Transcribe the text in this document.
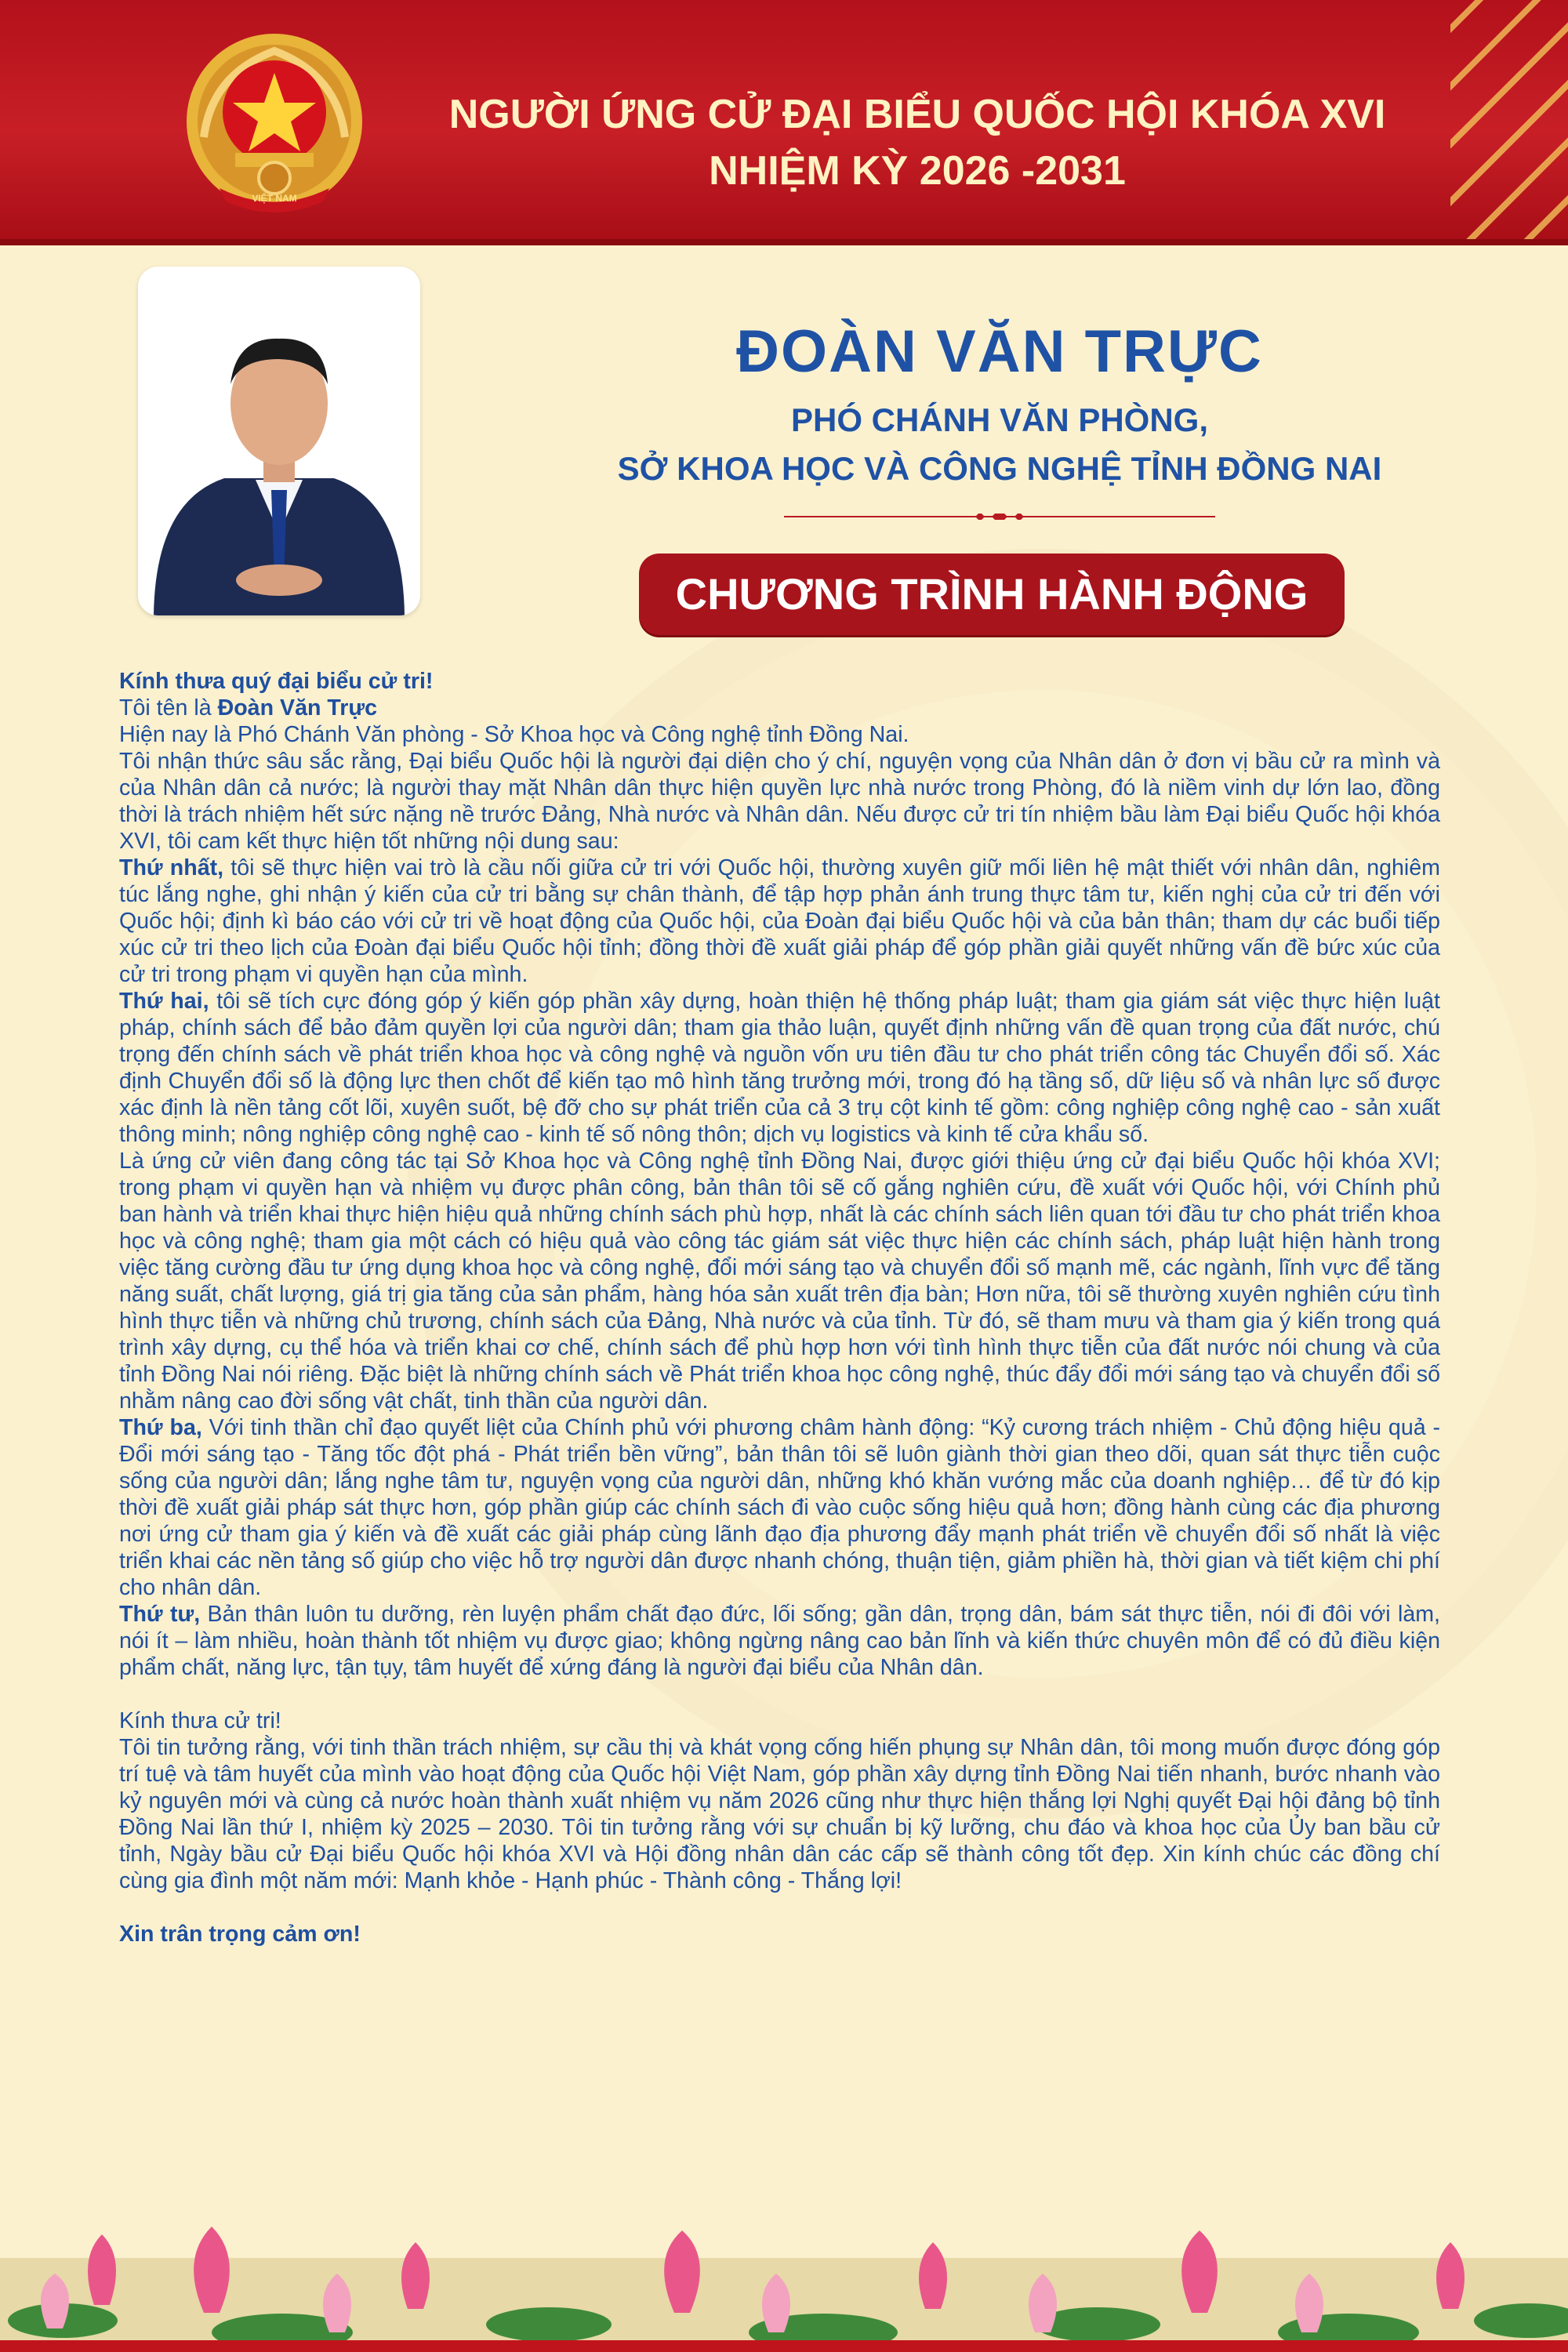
VIỆT NAM
NGƯỜI ỨNG CỬ ĐẠI BIỂU QUỐC HỘI KHÓA XVI
NHIỆM KỲ 2026 -2031
ĐOÀN VĂN TRỰC
PHÓ CHÁNH VĂN PHÒNG,
SỞ KHOA HỌC VÀ CÔNG NGHỆ TỈNH ĐỒNG NAI
CHƯƠNG TRÌNH HÀNH ĐỘNG

Kính thưa quý đại biểu cử tri!

Tôi tên là Đoàn Văn Trực

Hiện nay là Phó Chánh Văn phòng - Sở Khoa học và Công nghệ tỉnh Đồng Nai.

Tôi nhận thức sâu sắc rằng, Đại biểu Quốc hội là người đại diện cho ý chí, nguyện vọng của Nhân dân ở đơn vị bầu cử ra mình và của Nhân dân cả nước; là người thay mặt Nhân dân thực hiện quyền lực nhà nước trong Phòng, đó là niềm vinh dự lớn lao, đồng thời là trách nhiệm hết sức nặng nề trước Đảng, Nhà nước và Nhân dân. Nếu được cử tri tín nhiệm bầu làm Đại biểu Quốc hội khóa XVI, tôi cam kết thực hiện tốt những nội dung sau:

Thứ nhất, tôi sẽ thực hiện vai trò là cầu nối giữa cử tri với Quốc hội, thường xuyên giữ mối liên hệ mật thiết với nhân dân, nghiêm túc lắng nghe, ghi nhận ý kiến của cử tri bằng sự chân thành, để tập hợp phản ánh trung thực tâm tư, kiến nghị của cử tri đến với Quốc hội; định kì báo cáo với cử tri về hoạt động của Quốc hội, của Đoàn đại biểu Quốc hội và của bản thân; tham dự các buổi tiếp xúc cử tri theo lịch của Đoàn đại biểu Quốc hội tỉnh; đồng thời đề xuất giải pháp để góp phần giải quyết những vấn đề bức xúc của cử tri trong phạm vi quyền hạn của mình.

Thứ hai, tôi sẽ tích cực đóng góp ý kiến góp phần xây dựng, hoàn thiện hệ thống pháp luật; tham gia giám sát việc thực hiện luật pháp, chính sách để bảo đảm quyền lợi của người dân; tham gia thảo luận, quyết định những vấn đề quan trọng của đất nước, chú trọng đến chính sách về phát triển khoa học và công nghệ và nguồn vốn ưu tiên đầu tư cho phát triển công tác Chuyển đổi số. Xác định Chuyển đổi số là động lực then chốt để kiến tạo mô hình tăng trưởng mới, trong đó hạ tầng số, dữ liệu số và nhân lực số được xác định là nền tảng cốt lõi, xuyên suốt, bệ đỡ cho sự phát triển của cả 3 trụ cột kinh tế gồm: công nghiệp công nghệ cao - sản xuất thông minh; nông nghiệp công nghệ cao - kinh tế số nông thôn; dịch vụ logistics và kinh tế cửa khẩu số.

Là ứng cử viên đang công tác tại Sở Khoa học và Công nghệ tỉnh Đồng Nai, được giới thiệu ứng cử đại biểu Quốc hội khóa XVI; trong phạm vi quyền hạn và nhiệm vụ được phân công, bản thân tôi sẽ cố gắng nghiên cứu, đề xuất với Quốc hội, với Chính phủ ban hành và triển khai thực hiện hiệu quả những chính sách phù hợp, nhất là các chính sách liên quan tới đầu tư cho phát triển khoa học và công nghệ; tham gia một cách có hiệu quả vào công tác giám sát việc thực hiện các chính sách, pháp luật hiện hành trong việc tăng cường đầu tư ứng dụng khoa học và công nghệ, đổi mới sáng tạo và chuyển đổi số mạnh mẽ, các ngành, lĩnh vực để tăng năng suất, chất lượng, giá trị gia tăng của sản phẩm, hàng hóa sản xuất trên địa bàn; Hơn nữa, tôi sẽ thường xuyên nghiên cứu tình hình thực tiễn và những chủ trương, chính sách của Đảng, Nhà nước và của tỉnh. Từ đó, sẽ tham mưu và tham gia ý kiến trong quá trình xây dựng, cụ thể hóa và triển khai cơ chế, chính sách để phù hợp hơn với tình hình thực tiễn của đất nước nói chung và của tỉnh Đồng Nai nói riêng. Đặc biệt là những chính sách về Phát triển khoa học công nghệ, thúc đẩy đổi mới sáng tạo và chuyển đổi số nhằm nâng cao đời sống vật chất, tinh thần của người dân.

Thứ ba, Với tinh thần chỉ đạo quyết liệt của Chính phủ với phương châm hành động: “Kỷ cương trách nhiệm - Chủ động hiệu quả - Đổi mới sáng tạo - Tăng tốc đột phá - Phát triển bền vững”, bản thân tôi sẽ luôn giành thời gian theo dõi, quan sát thực tiễn cuộc sống của người dân; lắng nghe tâm tư, nguyện vọng của người dân, những khó khăn vướng mắc của doanh nghiệp… để từ đó kịp thời đề xuất giải pháp sát thực hơn, góp phần giúp các chính sách đi vào cuộc sống hiệu quả hơn; đồng hành cùng các địa phương nơi ứng cử tham gia ý kiến và đề xuất các giải pháp cùng lãnh đạo địa phương đẩy mạnh phát triển về chuyển đổi số nhất là việc triển khai các nền tảng số giúp cho việc hỗ trợ người dân được nhanh chóng, thuận tiện, giảm phiền hà, thời gian và tiết kiệm chi phí cho nhân dân.

Thứ tư, Bản thân luôn tu dưỡng, rèn luyện phẩm chất đạo đức, lối sống; gần dân, trọng dân, bám sát thực tiễn, nói đi đôi với làm, nói ít – làm nhiều, hoàn thành tốt nhiệm vụ được giao; không ngừng nâng cao bản lĩnh và kiến thức chuyên môn để có đủ điều kiện phẩm chất, năng lực, tận tụy, tâm huyết để xứng đáng là người đại biểu của Nhân dân.

Kính thưa cử tri!

Tôi tin tưởng rằng, với tinh thần trách nhiệm, sự cầu thị và khát vọng cống hiến phụng sự Nhân dân, tôi mong muốn được đóng góp trí tuệ và tâm huyết của mình vào hoạt động của Quốc hội Việt Nam, góp phần xây dựng tỉnh Đồng Nai tiến nhanh, bước nhanh vào kỷ nguyên mới và cùng cả nước hoàn thành xuất nhiệm vụ năm 2026 cũng như thực hiện thắng lợi Nghị quyết Đại hội đảng bộ tỉnh Đồng Nai lần thứ I, nhiệm kỳ 2025 – 2030. Tôi tin tưởng rằng với sự chuẩn bị kỹ lưỡng, chu đáo và khoa học của Ủy ban bầu cử tỉnh, Ngày bầu cử Đại biểu Quốc hội khóa XVI và Hội đồng nhân dân các cấp sẽ thành công tốt đẹp. Xin kính chúc các đồng chí cùng gia đình một năm mới: Mạnh khỏe - Hạnh phúc - Thành công - Thắng lợi!

Xin trân trọng cảm ơn!
